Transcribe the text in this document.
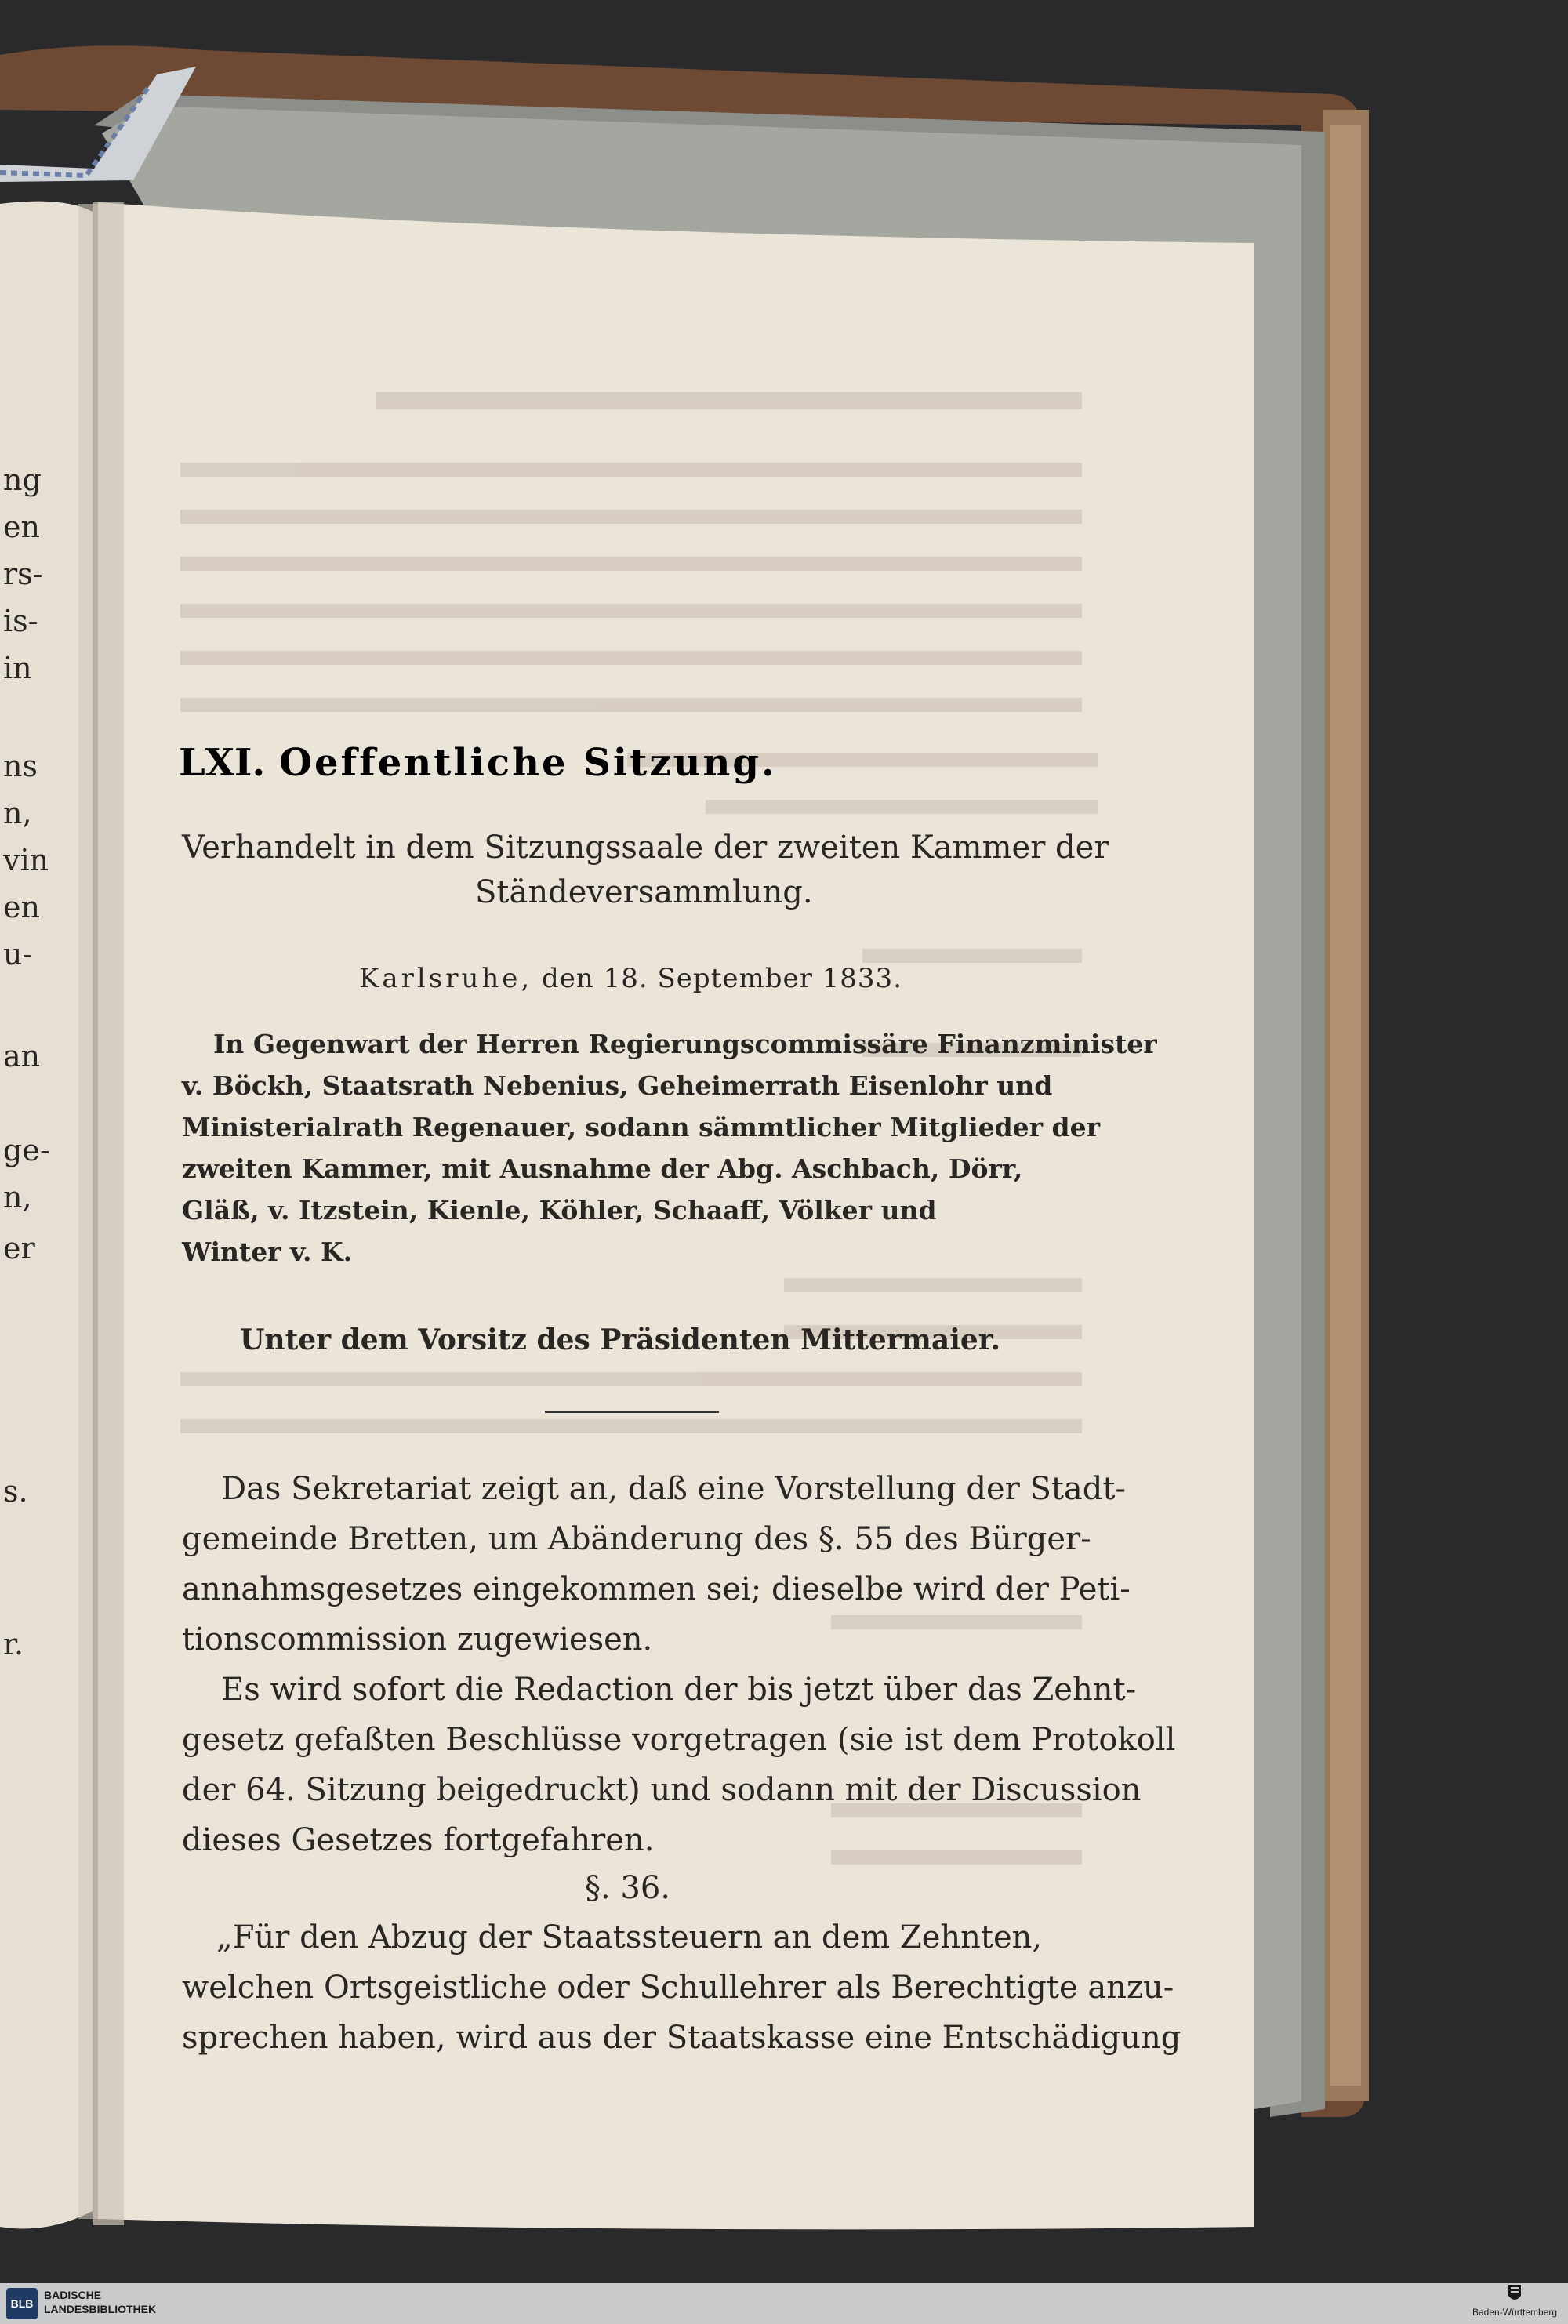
ng
en
rs-
is-
in
ns
n,
vin
en
u-
an
ge-
n,
er
s.
r.
LXI. Oeffentliche Sitzung.
Verhandelt in dem Sitzungssaale der zweiten Kammer der
Ständeversammlung.
Karlsruhe, den 18. September 1833.
In Gegenwart der Herren Regierungscommissäre Finanzminister
v. Böckh, Staatsrath Nebenius, Geheimerrath Eisenlohr und
Ministerialrath Regenauer, sodann sämmtlicher Mitglieder der
zweiten Kammer, mit Ausnahme der Abg. Aschbach, Dörr,
Gläß, v. Itzstein, Kienle, Köhler, Schaaff, Völker und
Winter v. K.
Unter dem Vorsitz des Präsidenten Mittermaier.
Das Sekretariat zeigt an, daß eine Vorstellung der Stadt-
gemeinde Bretten, um Abänderung des §. 55 des Bürger-
annahmsgesetzes eingekommen sei; dieselbe wird der Peti-
tionscommission zugewiesen.
Es wird sofort die Redaction der bis jetzt über das Zehnt-
gesetz gefaßten Beschlüsse vorgetragen (sie ist dem Protokoll
der 64. Sitzung beigedruckt) und sodann mit der Discussion
dieses Gesetzes fortgefahren.
§. 36.
„Für den Abzug der Staatssteuern an dem Zehnten,
welchen Ortsgeistliche oder Schullehrer als Berechtigte anzu-
sprechen haben, wird aus der Staatskasse eine Entschädigung
BLB
BADISCHE
LANDESBIBLIOTHEK	Baden-Württemberg
